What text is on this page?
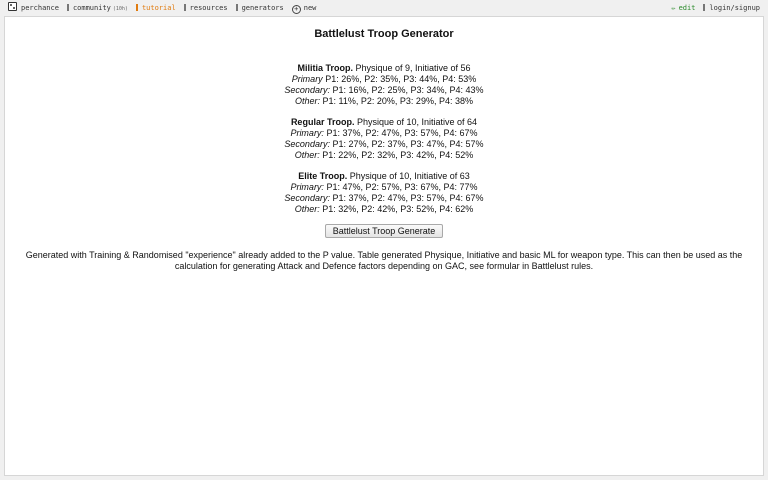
perchance community (10h) tutorial resources generators + new	✏ edit login/signup
Battlelust Troop Generator
Militia Troop. Physique of 9, Initiative of 56
Primary P1: 26%, P2: 35%, P3: 44%, P4: 53%
Secondary: P1: 16%, P2: 25%, P3: 34%, P4: 43%
Other: P1: 11%, P2: 20%, P3: 29%, P4: 38%
Regular Troop. Physique of 10, Initiative of 64
Primary: P1: 37%, P2: 47%, P3: 57%, P4: 67%
Secondary: P1: 27%, P2: 37%, P3: 47%, P4: 57%
Other: P1: 22%, P2: 32%, P3: 42%, P4: 52%
Elite Troop. Physique of 10, Initiative of 63
Primary: P1: 47%, P2: 57%, P3: 67%, P4: 77%
Secondary: P1: 37%, P2: 47%, P3: 57%, P4: 67%
Other: P1: 32%, P2: 42%, P3: 52%, P4: 62%
Battlelust Troop Generate
Generated with Training & Randomised "experience" already added to the P value. Table generated Physique, Initiative and basic ML for weapon type. This can then be used as the calculation for generating Attack and Defence factors depending on GAC, see formular in Battlelust rules.
